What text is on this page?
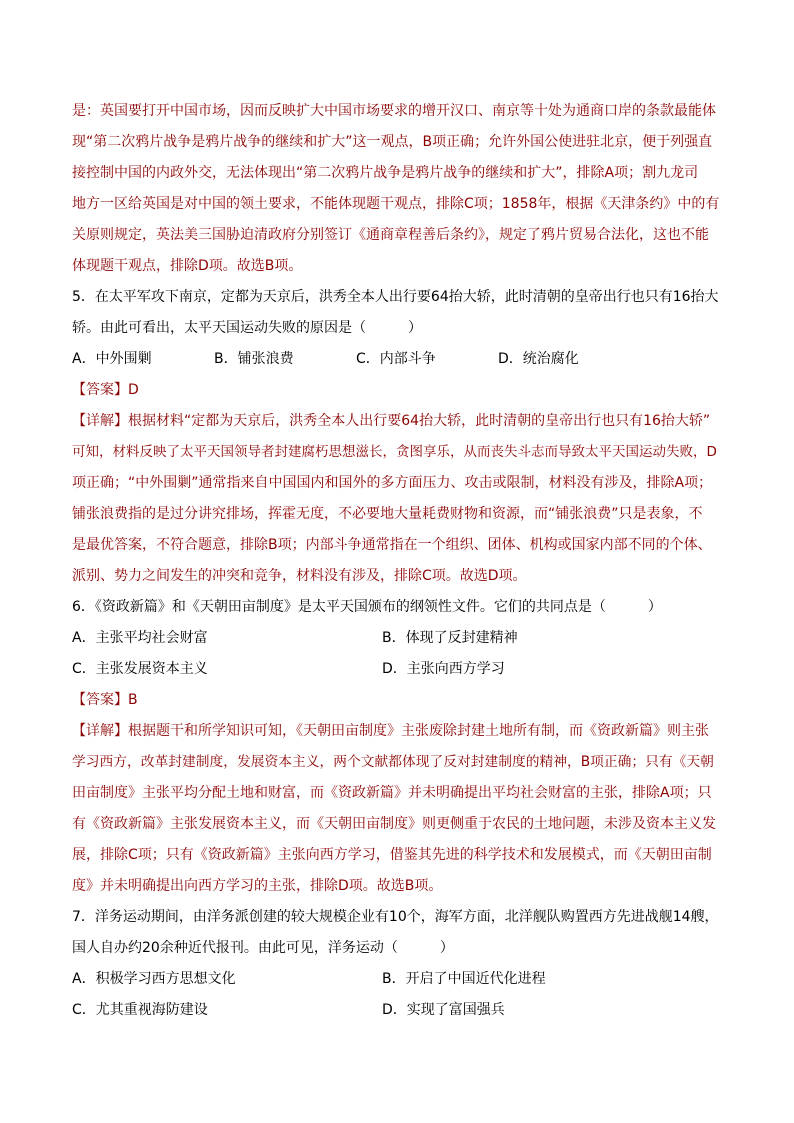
是：英国要打开中国市场，因而反映扩大中国市场要求的增开汉口、南京等十处为通商口岸的条款最能体
现“第二次鸦片战争是鸦片战争的继续和扩大”这一观点，B项正确；允许外国公使进驻北京，便于列强直
接控制中国的内政外交，无法体现出“第二次鸦片战争是鸦片战争的继续和扩大”，排除A项；割九龙司
地方一区给英国是对中国的领土要求，不能体现题干观点，排除C项；1858年，根据《天津条约》中的有
关原则规定，英法美三国胁迫清政府分别签订《通商章程善后条约》，规定了鸦片贸易合法化，这也不能
体现题干观点，排除D项。故选B项。
5．在太平军攻下南京，定都为天京后，洪秀全本人出行要64抬大轿，此时清朝的皇帝出行也只有16抬大
轿。由此可看出，太平天国运动失败的原因是（　　　）
A．中外围剿	B．铺张浪费	C．内部斗争	D．统治腐化
【答案】D
【详解】根据材料“定都为天京后，洪秀全本人出行要64抬大轿，此时清朝的皇帝出行也只有16抬大轿”
可知，材料反映了太平天国领导者封建腐朽思想滋长，贪图享乐，从而丧失斗志而导致太平天国运动失败，D
项正确；“中外围剿”通常指来自中国国内和国外的多方面压力、攻击或限制，材料没有涉及，排除A项；
铺张浪费指的是过分讲究排场，挥霍无度，不必要地大量耗费财物和资源，而“铺张浪费”只是表象，不
是最优答案，不符合题意，排除B项；内部斗争通常指在一个组织、团体、机构或国家内部不同的个体、
派别、势力之间发生的冲突和竞争，材料没有涉及，排除C项。故选D项。
6．《资政新篇》和《天朝田亩制度》是太平天国颁布的纲领性文件。它们的共同点是（　　　）
A．主张平均社会财富	B．体现了反封建精神
C．主张发展资本主义	D．主张向西方学习
【答案】B
【详解】根据题干和所学知识可知，《天朝田亩制度》主张废除封建土地所有制，而《资政新篇》则主张
学习西方，改革封建制度，发展资本主义，两个文献都体现了反对封建制度的精神，B项正确；只有《天朝
田亩制度》主张平均分配土地和财富，而《资政新篇》并未明确提出平均社会财富的主张，排除A项；只
有《资政新篇》主张发展资本主义，而《天朝田亩制度》则更侧重于农民的土地问题，未涉及资本主义发
展，排除C项；只有《资政新篇》主张向西方学习，借鉴其先进的科学技术和发展模式，而《天朝田亩制
度》并未明确提出向西方学习的主张，排除D项。故选B项。
7．洋务运动期间，由洋务派创建的较大规模企业有10个，海军方面，北洋舰队购置西方先进战舰14艘，
国人自办约20余种近代报刊。由此可见，洋务运动（　　　）
A．积极学习西方思想文化	B．开启了中国近代化进程
C．尤其重视海防建设	D．实现了富国强兵
